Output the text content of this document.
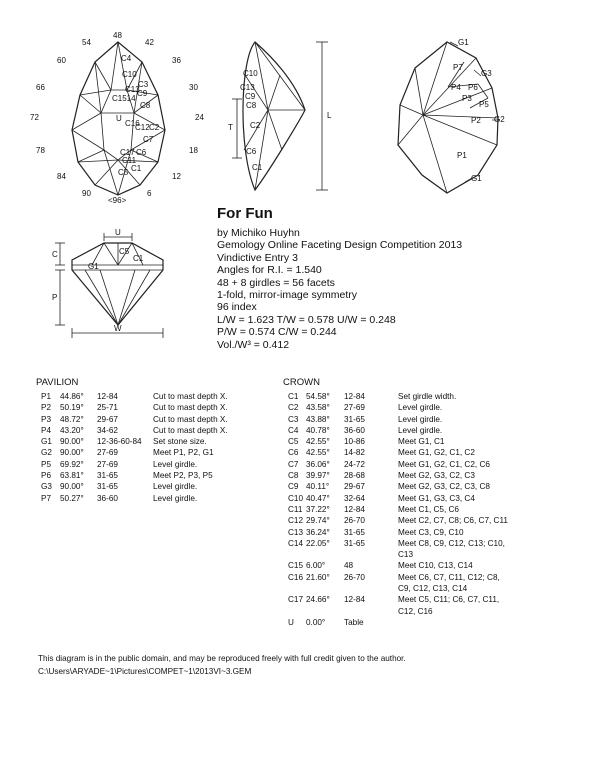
48
54	42
60	36
66	30
72	24
78	18
84	12
90	6
<96>
C4
C10
C3
C13
C9
C1514
C8
U
C16
C12 C2
C7
C17 C6
C11
C1
C5
C10
C13
C9
C8
C2
C6
C1
T
L
G1
P7
G3
P4 P6
P3
P5
P2 G2
P1
G1
U
C
P
W
G1
C5
C1
For Fun
by Michiko Huyhn
Gemology Online Faceting Design Competition 2013
Vindictive Entry 3
Angles for R.I. = 1.540
48 + 8 girdles = 56 facets
1-fold, mirror-image symmetry
96 index
L/W = 1.623 T/W = 0.578 U/W = 0.248
P/W = 0.574 C/W = 0.244
Vol./W³ = 0.412
PAVILION
P1 44.86° 12-84	Cut to mast depth X.
P2 50.19° 25-71	Cut to mast depth X.
P3 48.72° 29-67	Cut to mast depth X.
P4 43.20° 34-62	Cut to mast depth X.
G1 90.00° 12-36-60-84 Set stone size.
G2 90.00° 27-69	Meet P1, P2, G1
P5 69.92° 27-69	Level girdle.
P6 63.81° 31-65	Meet P2, P3, P5
G3 90.00° 31-65	Level girdle.
P7 50.27° 36-60	Level girdle.
CROWN
C1 54.58° 12-84	Set girdle width.
C2 43.58° 27-69	Level girdle.
C3 43.88° 31-65	Level girdle.
C4 40.78° 36-60	Level girdle.
C5 42.55° 10-86	Meet G1, C1
C6 42.55° 14-82	Meet G1, G2, C1, C2
C7 36.06° 24-72	Meet G1, G2, C1, C2, C6
C8 39.97° 28-68	Meet G2, G3, C2, C3
C9 40.11° 29-67	Meet G2, G3, C2, C3, C8
C10 40.47° 32-64	Meet G1, G3, C3, C4
C11 37.22° 12-84	Meet C1, C5, C6
C12 29.74° 26-70	Meet C2, C7, C8; C6, C7, C11
C13 36.24° 31-65	Meet C3, C9, C10
C14 22.05° 31-65	Meet C8, C9, C12, C13; C10,
C13
C15 6.00° 48	Meet C10, C13, C14
C16 21.60° 26-70	Meet C6, C7, C11, C12; C8,
C9, C12, C13, C14
C17 24.66° 12-84	Meet C5, C11; C6, C7, C11,
C12, C16
U 0.00° Table
This diagram is in the public domain, and may be reproduced freely with full credit given to the author.
C:\Users\ARYADE~1\Pictures\COMPET~1\2013VI~3.GEM
